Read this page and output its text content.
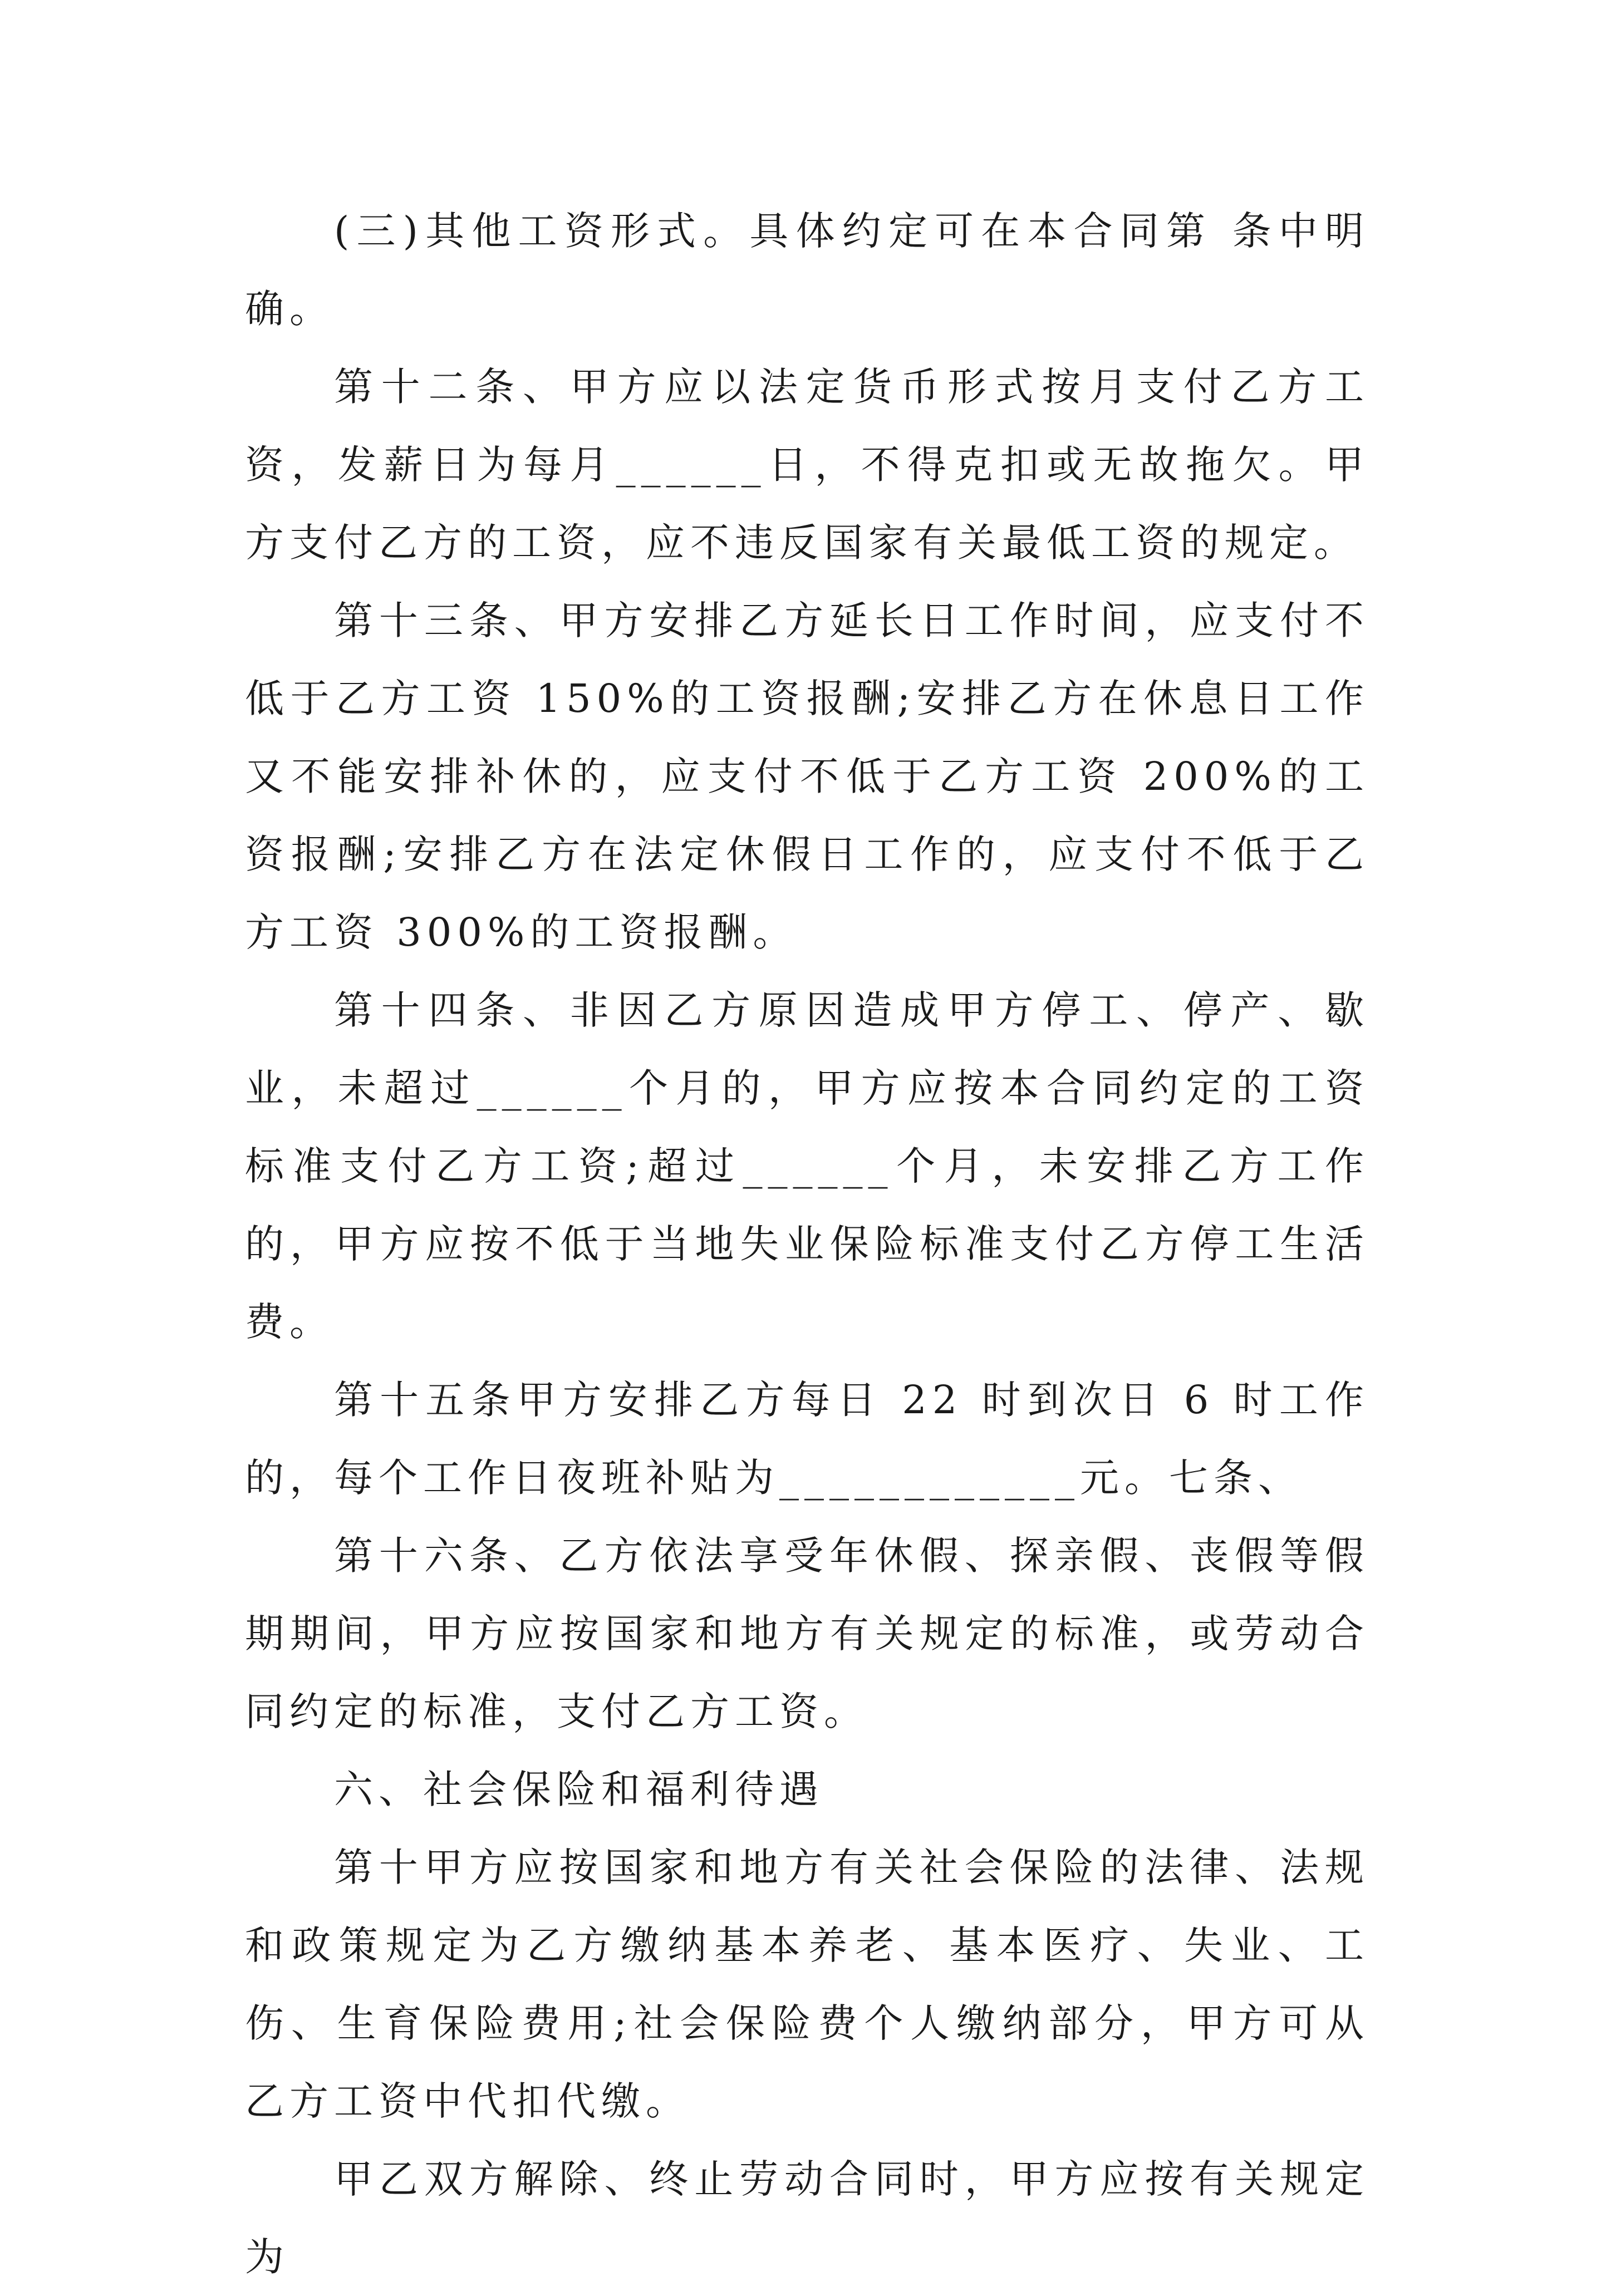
(三)其他工资形式。具体约定可在本合同第 条中明确。

第十二条、甲方应以法定货币形式按月支付乙方工资，发薪日为每月______日，不得克扣或无故拖欠。甲方支付乙方的工资，应不违反国家有关最低工资的规定。

第十三条、甲方安排乙方延长日工作时间，应支付不低于乙方工资 150%的工资报酬;安排乙方在休息日工作又不能安排补休的，应支付不低于乙方工资 200%的工资报酬;安排乙方在法定休假日工作的，应支付不低于乙方工资 300%的工资报酬。

第十四条、非因乙方原因造成甲方停工、停产、歇业，未超过______个月的，甲方应按本合同约定的工资标准支付乙方工资;超过______个月，未安排乙方工作的，甲方应按不低于当地失业保险标准支付乙方停工生活费。

第十五条甲方安排乙方每日 22 时到次日 6 时工作的，每个工作日夜班补贴为____________元。七条、

第十六条、乙方依法享受年休假、探亲假、丧假等假期期间，甲方应按国家和地方有关规定的标准，或劳动合同约定的标准，支付乙方工资。

六、社会保险和福利待遇

第十甲方应按国家和地方有关社会保险的法律、法规和政策规定为乙方缴纳基本养老、基本医疗、失业、工伤、生育保险费用;社会保险费个人缴纳部分，甲方可从乙方工资中代扣代缴。

甲乙双方解除、终止劳动合同时，甲方应按有关规定为
